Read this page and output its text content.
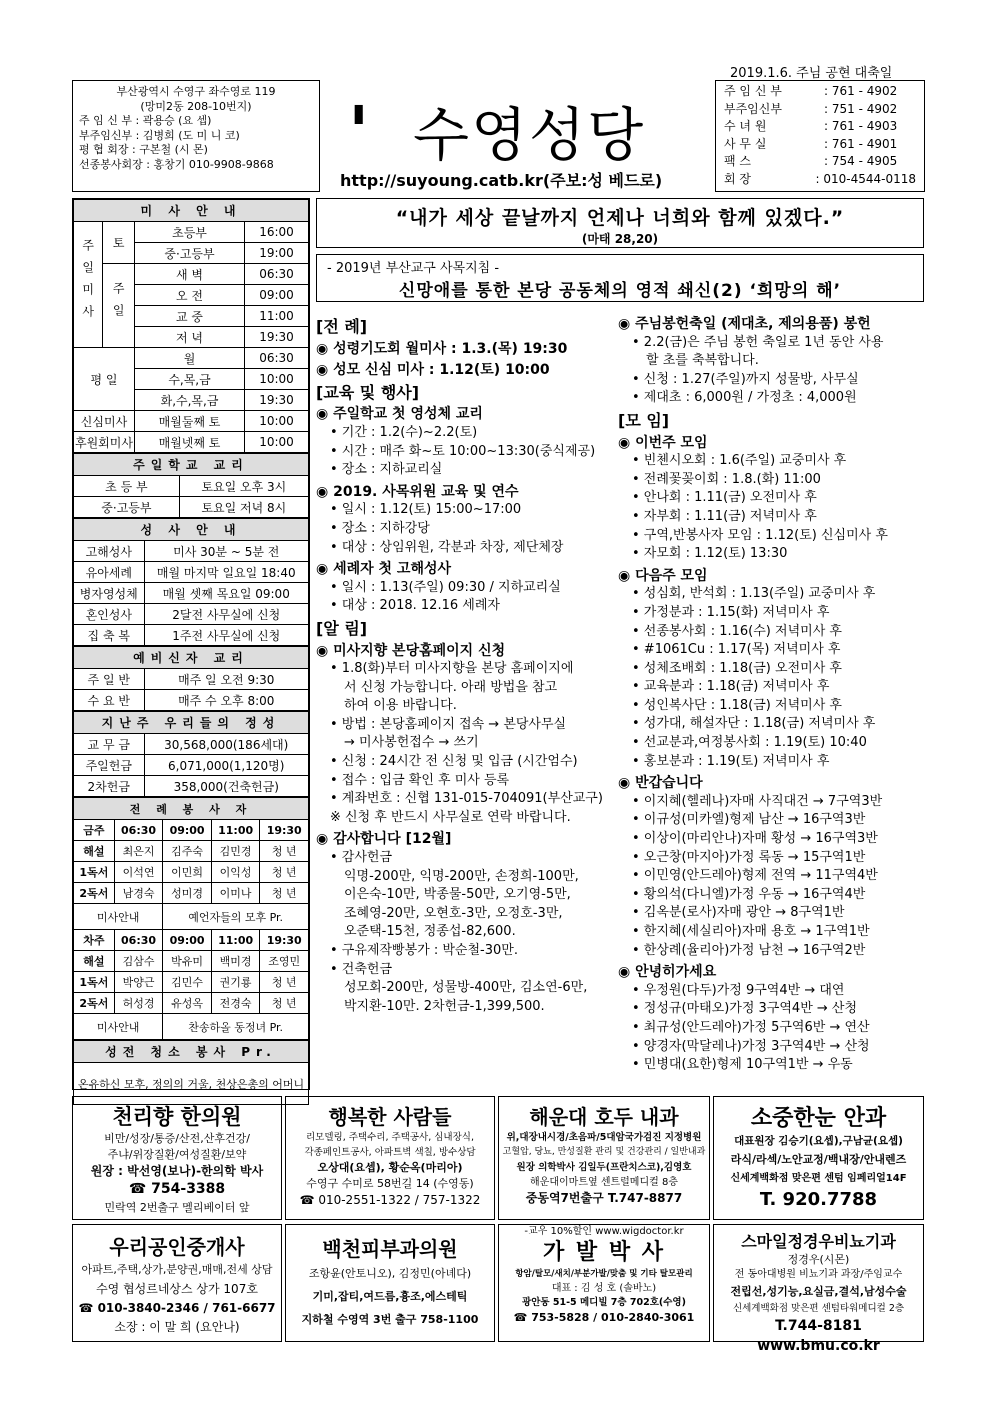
2019.1.6. 주님 공현 대축일
부산광역시 수영구 좌수영로 119
(망미2동 208-10번지)
주 임 신 부 : 곽용승 (요 셉)
부주임신부 : 김병희 (도 미 니 코)
평 협 회장 : 구본철 (시 몬)
선종봉사회장 : 홍창기 010-9908-9868	' 수영성당
http://suyoung.catb.kr(주보:성 베드로)
주 임 신 부	: 761 - 4902
부주임신부	: 751 - 4902
수 녀 원	: 761 - 4903
사 무 실	: 761 - 4901
팩 스	: 754 - 4905
회 장	: 010-4544-0118
미 사 안 내			
주일미사	토	초등부	16:00
		중·고등부	19:00
	주일	새 벽	06:30
		오 전	09:00
		교 중	11:00
		저 녁	19:30
평 일		월	06:30
		수,목,금	10:00
		화,수,목,금	19:30
신심미사		매월둘째 토	10:00
후원회미사		매월넷째 토	10:00
주일학교 교리	
초 등 부	토요일 오후 3시
중·고등부	토요일 저녁 8시
성 사 안 내	
고해성사	미사 30분 ~ 5분 전
유아세례	매월 마지막 일요일 18:40
병자영성체	매월 셋째 목요일 09:00
혼인성사	2달전 사무실에 신청
집 축 복	1주전 사무실에 신청
예비신자 교리	
주 일 반	매주 일 오전 9:30
수 요 반	매주 수 오후 8:00
지난주 우리들의 정성	
교 무 금	30,568,000(186세대)
주일헌금	6,071,000(1,120명)
2차헌금	358,000(건축헌금)
전 례 봉 사 자				
금주	06:30	09:00	11:00	19:30
해설	최은지	김주숙	김민경	청 년
1독서	이석연	이민희	이익성	청 년
2독서	남경숙	성미경	이미나	청 년
미사안내		예언자들의 모후 Pr.		
차주	06:30	09:00	11:00	19:30
해설	김삼수	박유미	백미경	조영민
1독서	박양근	김민수	권기룡	청 년
2독서	허성경	유성옥	전경숙	청 년
미사안내		찬송하올 동정녀 Pr.		
성전 청소 봉사 Pr.
온유하신 모후, 정의의 거울, 천상은총의 어머니
“내가 세상 끝날까지 언제나 너희와 함께 있겠다.”
(마태 28,20)
- 2019년 부산교구 사목지침 -
신망애를 통한 본당 공동체의 영적 쇄신(2) ‘희망의 해’
[전 례]
◉ 성령기도회 월미사 : 1.3.(목) 19:30
◉ 성모 신심 미사 : 1.12(토) 10:00
[교육 및 행사]
◉ 주일학교 첫 영성체 교리
• 기간 : 1.2(수)~2.2(토)
• 시간 : 매주 화~토 10:00~13:30(중식제공)
• 장소 : 지하교리실
◉ 2019. 사목위원 교육 및 연수
• 일시 : 1.12(토) 15:00~17:00
• 장소 : 지하강당
• 대상 : 상임위원, 각분과 차장, 제단체장
◉ 세례자 첫 고해성사
• 일시 : 1.13(주일) 09:30 / 지하교리실
• 대상 : 2018. 12.16 세례자
[알 림]
◉ 미사지향 본당홈페이지 신청
• 1.8(화)부터 미사지향을 본당 홈페이지에
서 신청 가능합니다. 아래 방법을 참고
하여 이용 바랍니다.
• 방법 : 본당홈페이지 접속 → 본당사무실
→ 미사봉헌접수 → 쓰기
• 신청 : 24시간 전 신청 및 입금 (시간엄수)
• 접수 : 입금 확인 후 미사 등록
• 계좌번호 : 신협 131-015-704091(부산교구)
※ 신청 후 반드시 사무실로 연락 바랍니다.
◉ 감사합니다 [12월]
• 감사헌금
익명-200만, 익명-200만, 손정희-100만,
이은숙-10만, 박종물-50만, 오기영-5만,
조혜영-20만, 오현호-3만, 오정호-3만,
오준택-15천, 정종섭-82,600.
• 구유제작빵봉가 : 박순철-30만.
• 건축헌금
성모회-200만, 성물방-400만, 김소연-6만,
박지환-10만. 2차헌금-1,399,500.
◉ 주님봉헌축일 (제대초, 제의용품) 봉헌
• 2.2(금)은 주님 봉헌 축일로 1년 동안 사용
할 초를 축복합니다.
• 신청 : 1.27(주일)까지 성물방, 사무실
• 제대초 : 6,000원 / 가정초 : 4,000원
[모 임]
◉ 이번주 모임
• 빈첸시오회 : 1.6(주일) 교중미사 후
• 전례꽃꽂이회 : 1.8.(화) 11:00
• 안나회 : 1.11(금) 오전미사 후
• 자부회 : 1.11(금) 저녁미사 후
• 구역,반봉사자 모임 : 1.12(토) 신심미사 후
• 자모회 : 1.12(토) 13:30
◉ 다음주 모임
• 성심회, 반석회 : 1.13(주일) 교중미사 후
• 가정분과 : 1.15(화) 저녁미사 후
• 선종봉사회 : 1.16(수) 저녁미사 후
• #1061Cu : 1.17(목) 저녁미사 후
• 성체조배회 : 1.18(금) 오전미사 후
• 교육분과 : 1.18(금) 저녁미사 후
• 성인복사단 : 1.18(금) 저녁미사 후
• 성가대, 해설자단 : 1.18(금) 저녁미사 후
• 선교분과,여정봉사회 : 1.19(토) 10:40
• 홍보분과 : 1.19(토) 저녁미사 후
◉ 반갑습니다
• 이지혜(헬레나)자매 사직대건 → 7구역3반
• 이규성(미카엘)형제 남산 → 16구역3반
• 이상이(마리안나)자매 황성 → 16구역3반
• 오근창(마지아)가정 록동 → 15구역1반
• 이민영(안드레아)형제 전역 → 11구역4반
• 황의석(다니엘)가정 우동 → 16구역4반
• 김옥분(로사)자매 광안 → 8구역1반
• 한지혜(세실리아)자매 용호 → 1구역1반
• 한상례(율리아)가정 남천 → 16구역2반
◉ 안녕히가세요
• 우정원(다두)가정 9구역4반 → 대연
• 정성규(마태오)가정 3구역4반 → 산청
• 최규성(안드레아)가정 5구역6반 → 연산
• 양경자(막달레나)가정 3구역4반 → 산청
• 민병대(요한)형제 10구역1반 → 우동
천리향 한의원
비만/성장/통증/산전,산후건강/
주냐/위장질환/여성질환/보약
원장 : 박선영(보나)-한의학 박사
☎ 754-3388
민락역 2번출구 멜리베이터 앞
행복한 사람들
리모델링, 주택수리, 주택공사, 심내장식,
각종페인트공사, 아파트벽 색칠, 방수상담
오상대(요셉), 황순옥(마리아)
수영구 수미로 58번길 14 (수영동)
☎ 010-2551-1322 / 757-1322
해운대 호두 내과
위,대장내시경/초음파/5대암국가검진 지정병원
고혈압, 당뇨, 만성질환 관리 및 건강관리 / 일반내과
원장 의학박사 김일두(프란치스코),김영호
해운대이마트옆 센트럴메디컬 8층
중동역7번출구 T.747-8877
소중한눈 안과
대표원장 김승기(요셉),구남균(요셉)
라식/라섹/노안교정/백내장/안내렌즈
신세계백화점 맞은편 센텀 임페리얼14F
T. 920.7788
우리공인중개사
아파트,주택,상가,분양권,매매,전세 상담
수영 협성르네상스 상가 107호
☎ 010-3840-2346 / 761-6677
소장 : 이 말 희 (요안나)
백천피부과의원
조항윤(안토니오), 김정민(아녜다)
기미,잡티,여드름,흉조,에스테틱
지하철 수영역 3번 출구 758-1100
-교우 10%할인 www.wigdoctor.kr
가 발 박 사
항암/탈모/새치/부분가발/맞춤 및 기타 탈모관리
대표 : 김 성 호 (솔바노)
광안동 51-5 메디빌 7층 702호(수영)
☎ 753-5828 / 010-2840-3061
스마일정경우비뇨기과
정경우(시몬)
전 동아대병원 비뇨기과 과장/주임교수
전립선,성기능,요실금,결석,남성수술
신세계백화점 맞은편 센텀타워메디컬 2층
T.744-8181 www.bmu.co.kr
